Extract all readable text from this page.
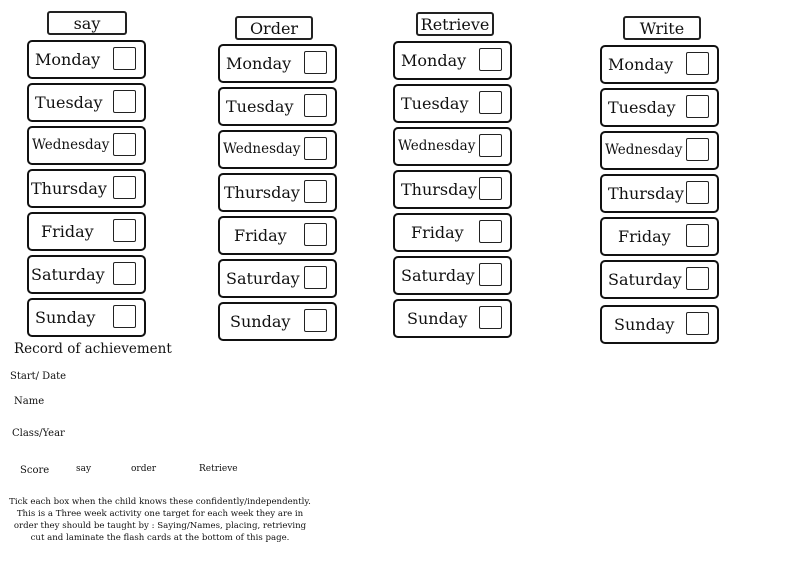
say
Monday
Tuesday
Wednesday
Thursday
Friday
Saturday
Sunday
Order
Monday
Tuesday
Wednesday
Thursday
Friday
Saturday
Sunday
Retrieve
Monday
Tuesday
Wednesday
Thursday
Friday
Saturday
Sunday
Write
Monday
Tuesday
Wednesday
Thursday
Friday
Saturday
Sunday
Record of achievement
Start/ Date
Name
Class/Year
Score	say	order	Retrieve
Tick each box when the child knows these confidently/independently. This is a Three week activity one target for each week they are in order they should be taught by : Saying/Names, placing, retrieving cut and laminate the flash cards at the bottom of this page.
